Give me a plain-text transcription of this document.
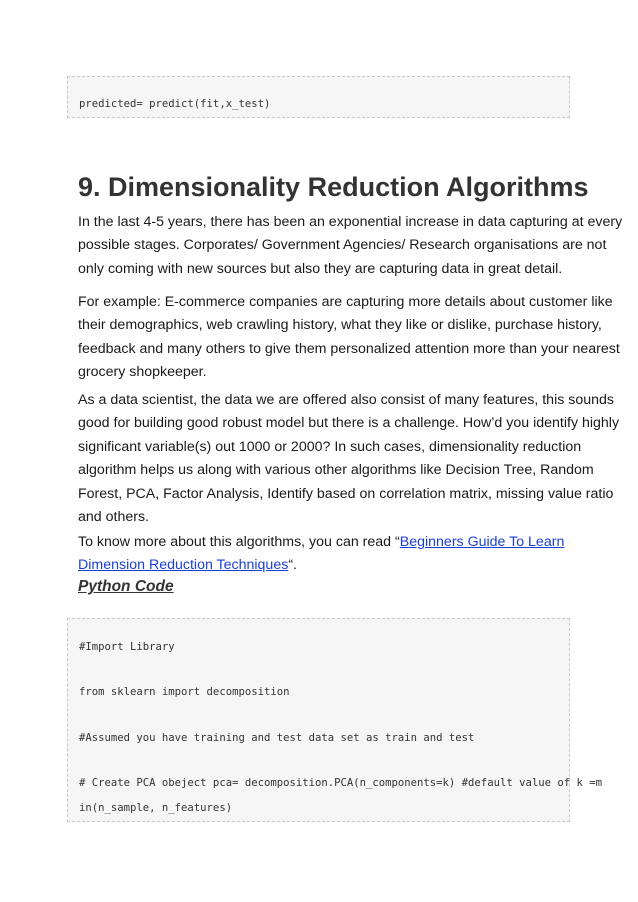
predicted= predict(fit,x_test)
9. Dimensionality Reduction Algorithms

In the last 4-5 years, there has been an exponential increase in data capturing at every
possible stages. Corporates/ Government Agencies/ Research organisations are not
only coming with new sources but also they are capturing data in great detail.

For example: E-commerce companies are capturing more details about customer like
their demographics, web crawling history, what they like or dislike, purchase history,
feedback and many others to give them personalized attention more than your nearest
grocery shopkeeper.

As a data scientist, the data we are offered also consist of many features, this sounds
good for building good robust model but there is a challenge. How’d you identify highly
significant variable(s) out 1000 or 2000? In such cases, dimensionality reduction
algorithm helps us along with various other algorithms like Decision Tree, Random
Forest, PCA, Factor Analysis, Identify based on correlation matrix, missing value ratio
and others.

To know more about this algorithms, you can read “Beginners Guide To Learn
Dimension Reduction Techniques“.

Python Code
#Import Library
from sklearn import decomposition
#Assumed you have training and test data set as train and test
# Create PCA obeject pca= decomposition.PCA(n_components=k) #default value of k =m
in(n_sample, n_features)
